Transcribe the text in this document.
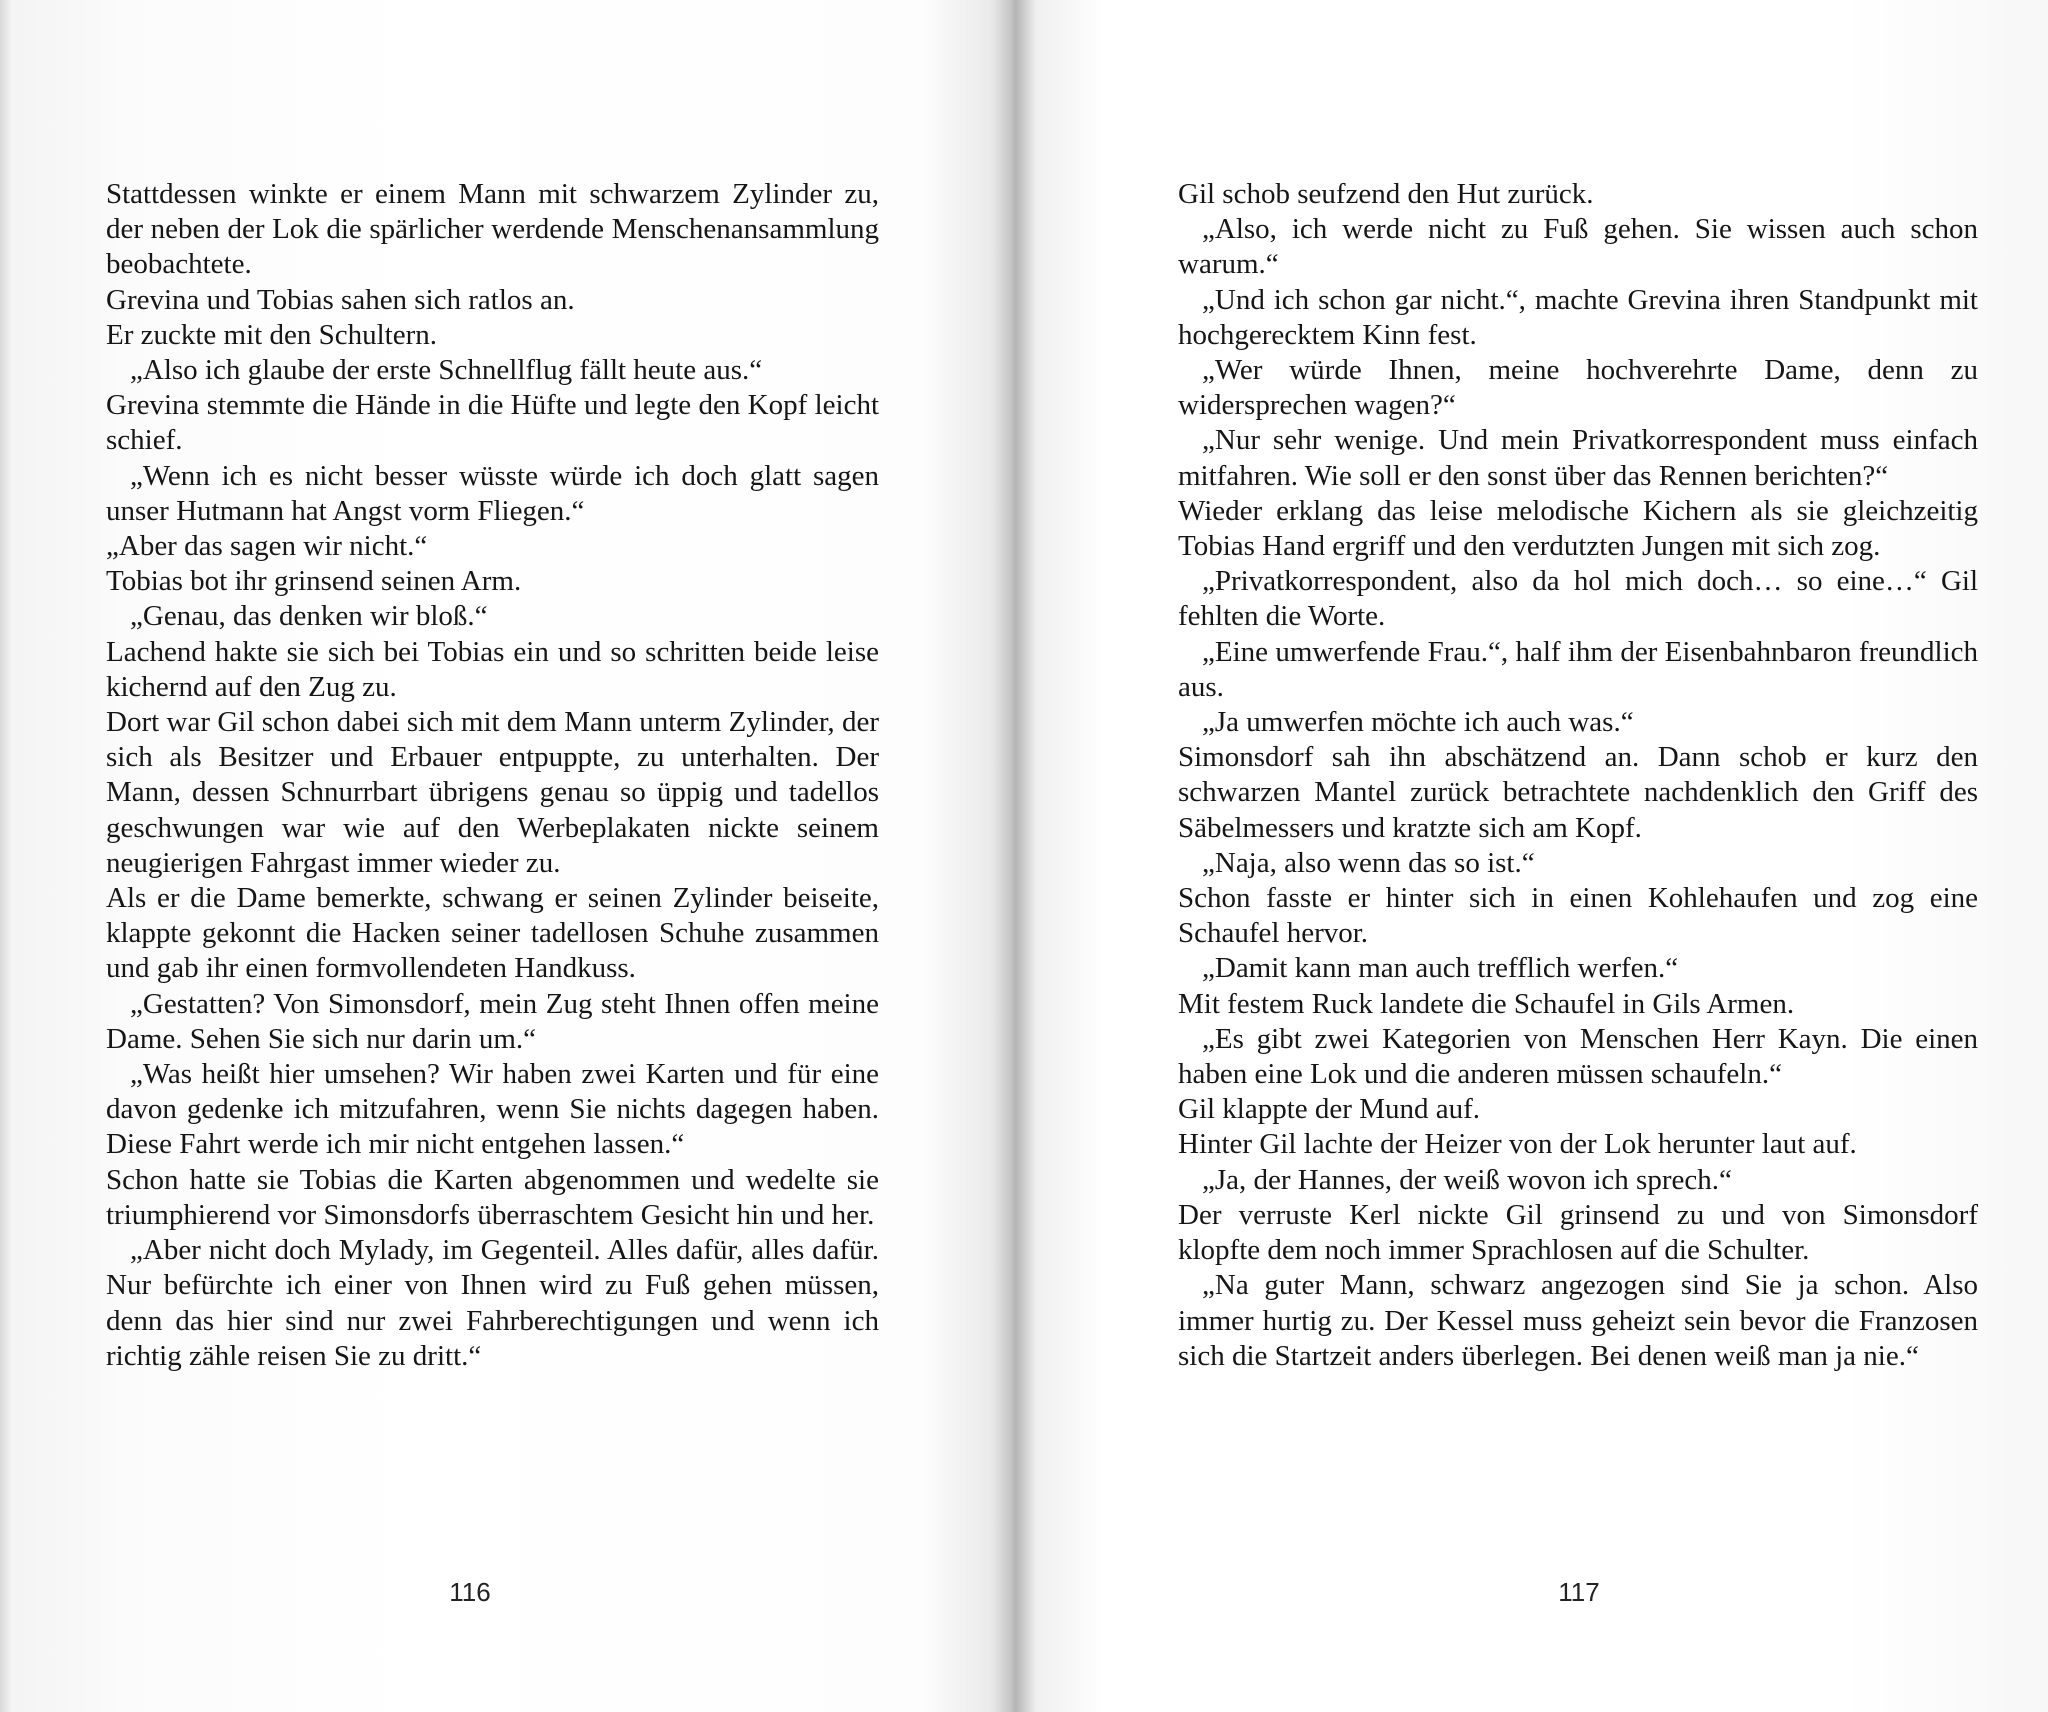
Stattdessen winkte er einem Mann mit schwarzem Zylinder zu, der neben der Lok die spärlicher werdende Menschenansammlung beobachtete.

Grevina und Tobias sahen sich ratlos an.

Er zuckte mit den Schultern.

„Also ich glaube der erste Schnellflug fällt heute aus.“

Grevina stemmte die Hände in die Hüfte und legte den Kopf leicht schief.

„Wenn ich es nicht besser wüsste würde ich doch glatt sagen unser Hutmann hat Angst vorm Fliegen.“

„Aber das sagen wir nicht.“

Tobias bot ihr grinsend seinen Arm.

„Genau, das denken wir bloß.“

Lachend hakte sie sich bei Tobias ein und so schritten beide leise kichernd auf den Zug zu.

Dort war Gil schon dabei sich mit dem Mann unterm Zylinder, der sich als Besitzer und Erbauer entpuppte, zu unterhalten. Der Mann, dessen Schnurrbart übrigens genau so üppig und tadellos geschwungen war wie auf den Werbeplakaten nickte seinem neugierigen Fahrgast immer wieder zu.

Als er die Dame bemerkte, schwang er seinen Zylinder beiseite, klappte gekonnt die Hacken seiner tadellosen Schuhe zusammen und gab ihr einen formvollendeten Handkuss.

„Gestatten? Von Simonsdorf, mein Zug steht Ihnen offen meine Dame. Sehen Sie sich nur darin um.“

„Was heißt hier umsehen? Wir haben zwei Karten und für eine davon gedenke ich mitzufahren, wenn Sie nichts dagegen haben. Diese Fahrt werde ich mir nicht entgehen lassen.“

Schon hatte sie Tobias die Karten abgenommen und wedelte sie triumphierend vor Simonsdorfs überraschtem Gesicht hin und her.

„Aber nicht doch Mylady, im Gegenteil. Alles dafür, alles dafür. Nur befürchte ich einer von Ihnen wird zu Fuß gehen müssen, denn das hier sind nur zwei Fahrberechtigungen und wenn ich richtig zähle reisen Sie zu dritt.“

116

Gil schob seufzend den Hut zurück.

„Also, ich werde nicht zu Fuß gehen. Sie wissen auch schon warum.“

„Und ich schon gar nicht.“, machte Grevina ihren Standpunkt mit hochgerecktem Kinn fest.

„Wer würde Ihnen, meine hochverehrte Dame, denn zu widersprechen wagen?“

„Nur sehr wenige. Und mein Privatkorrespondent muss einfach mitfahren. Wie soll er den sonst über das Rennen berichten?“

Wieder erklang das leise melodische Kichern als sie gleichzeitig Tobias Hand ergriff und den verdutzten Jungen mit sich zog.

„Privatkorrespondent, also da hol mich doch… so eine…“ Gil fehlten die Worte.

„Eine umwerfende Frau.“, half ihm der Eisenbahnbaron freundlich aus.

„Ja umwerfen möchte ich auch was.“

Simonsdorf sah ihn abschätzend an. Dann schob er kurz den schwarzen Mantel zurück betrachtete nachdenklich den Griff des Säbelmessers und kratzte sich am Kopf.

„Naja, also wenn das so ist.“

Schon fasste er hinter sich in einen Kohlehaufen und zog eine Schaufel hervor.

„Damit kann man auch trefflich werfen.“

Mit festem Ruck landete die Schaufel in Gils Armen.

„Es gibt zwei Kategorien von Menschen Herr Kayn. Die einen haben eine Lok und die anderen müssen schaufeln.“

Gil klappte der Mund auf.

Hinter Gil lachte der Heizer von der Lok herunter laut auf.

„Ja, der Hannes, der weiß wovon ich sprech.“

Der verruste Kerl nickte Gil grinsend zu und von Simonsdorf klopfte dem noch immer Sprachlosen auf die Schulter.

„Na guter Mann, schwarz angezogen sind Sie ja schon. Also immer hurtig zu. Der Kessel muss geheizt sein bevor die Franzosen sich die Startzeit anders überlegen. Bei denen weiß man ja nie.“

117
